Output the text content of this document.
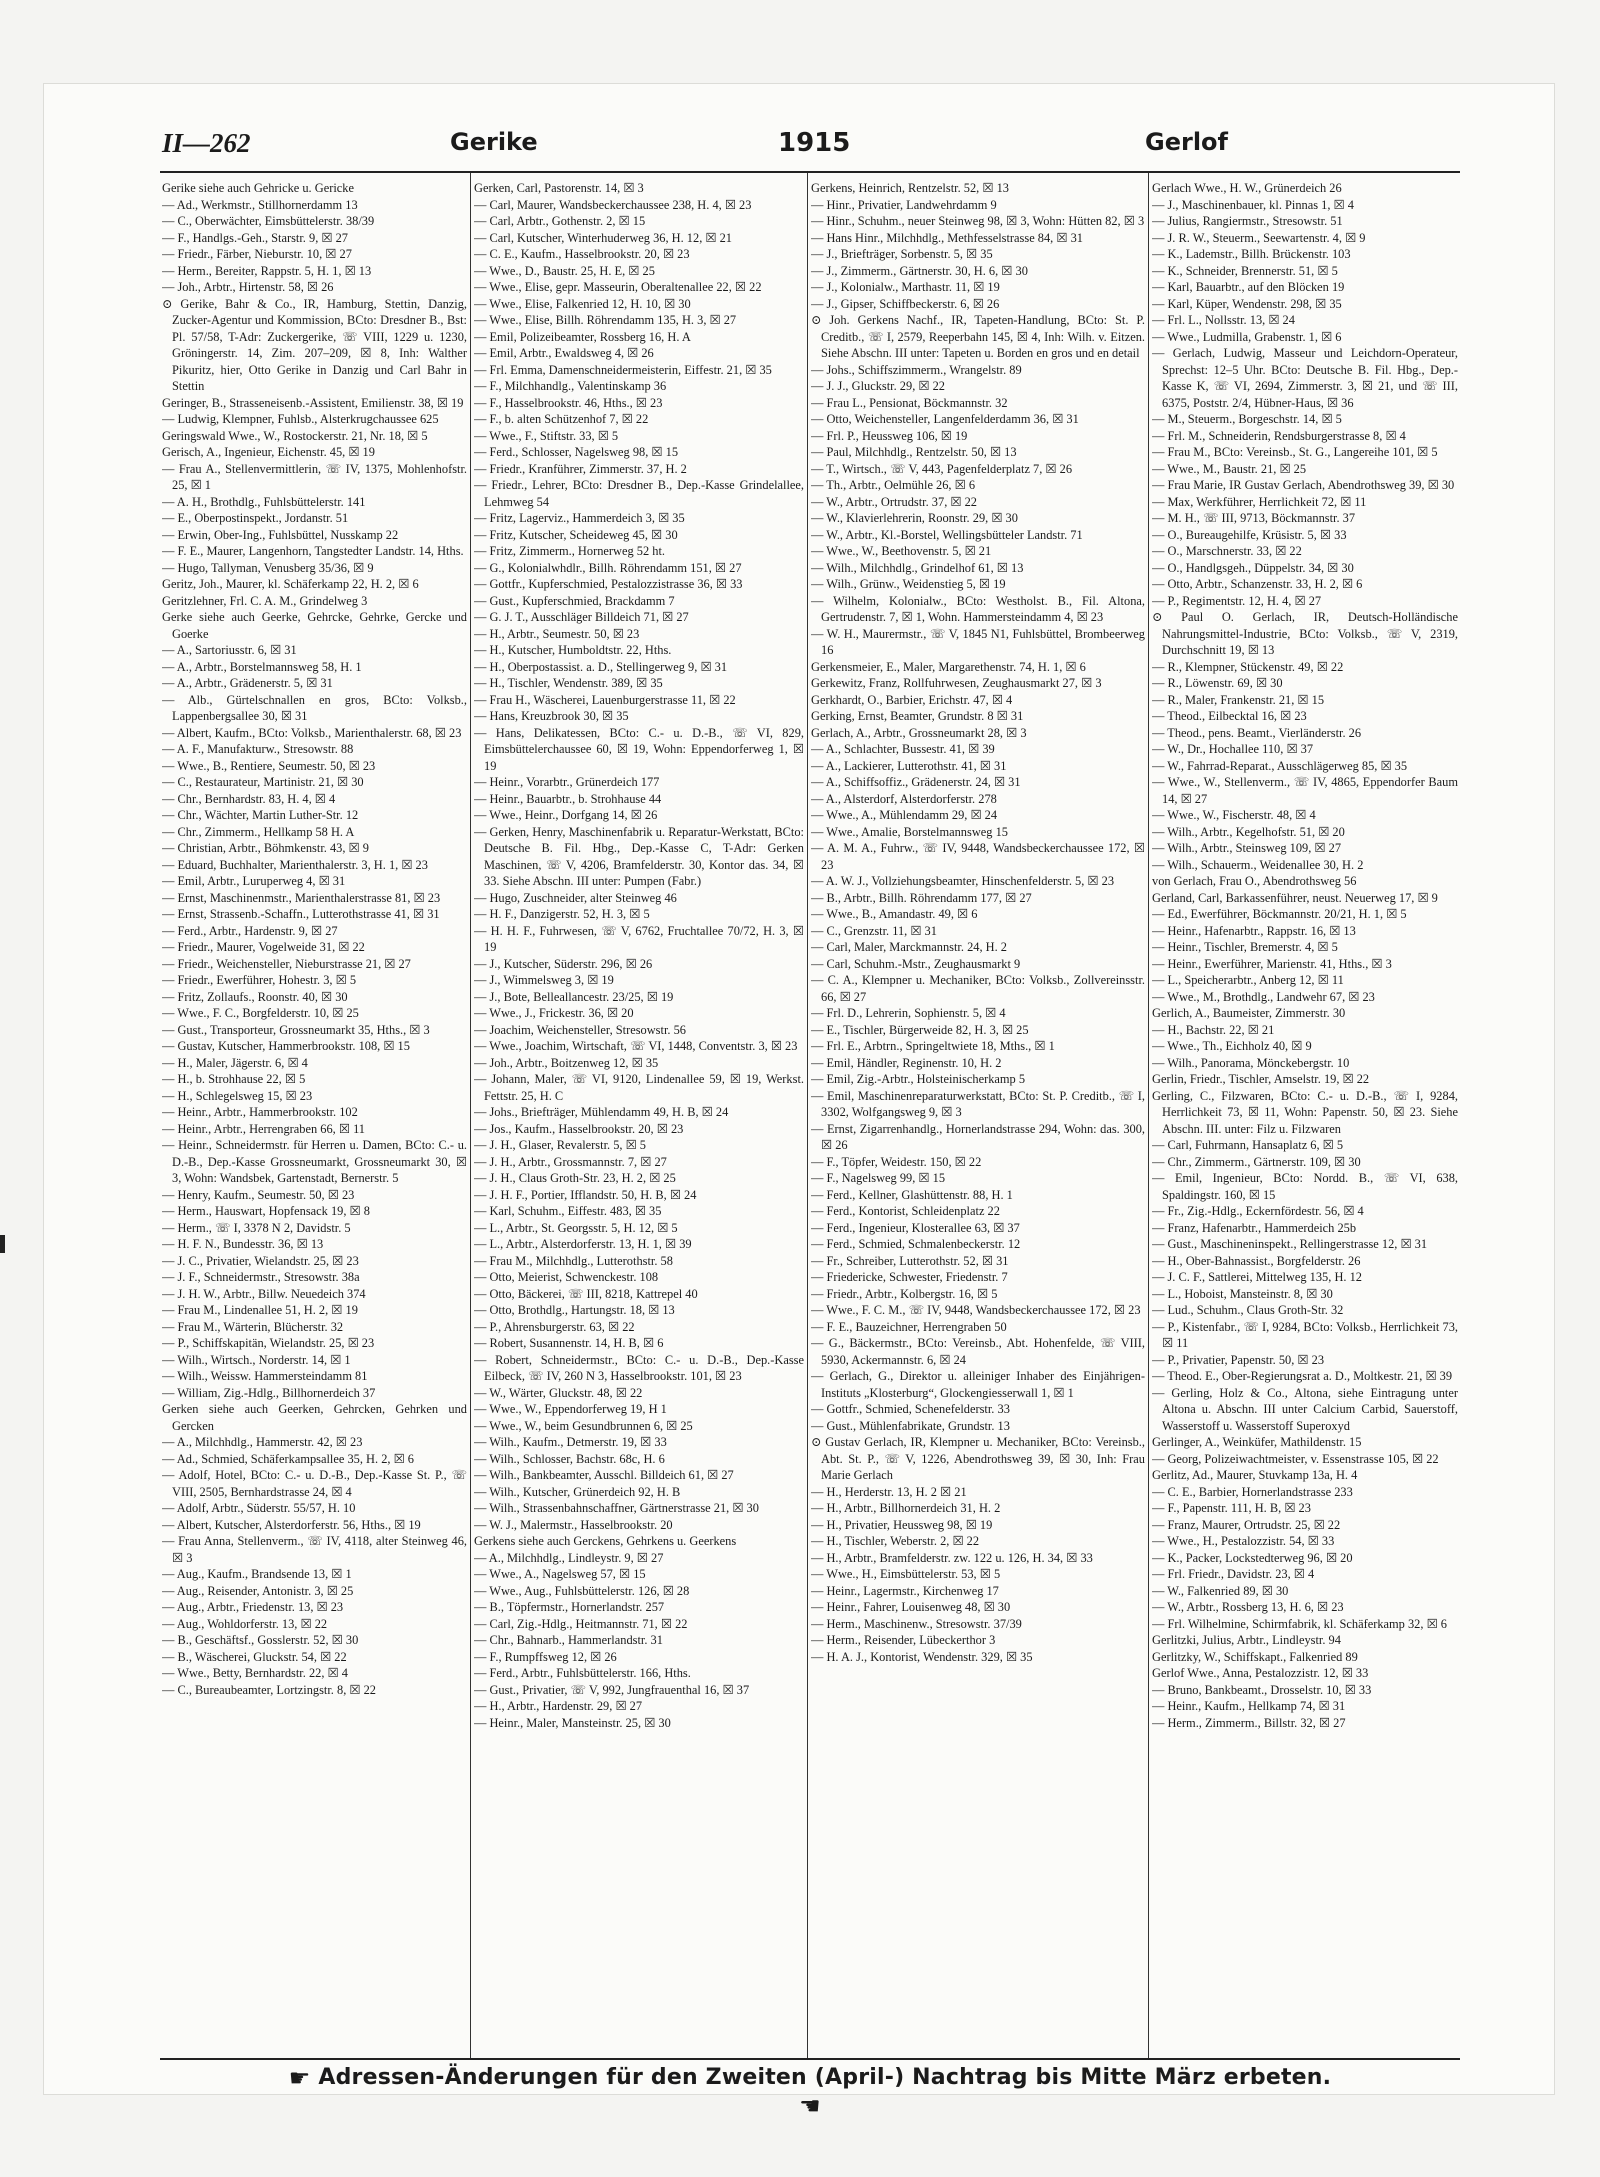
II—262	Gerike	1915	Gerlof

Gerike siehe auch Gehricke u. Gericke

— Ad., Werkmstr., Stillhornerdamm 13

— C., Oberwächter, Eimsbüttelerstr. 38/39

— F., Handlgs.-Geh., Starstr. 9, ☒ 27

— Friedr., Färber, Nieburstr. 10, ☒ 27

— Herm., Bereiter, Rappstr. 5, H. 1, ☒ 13

— Joh., Arbtr., Hirtenstr. 58, ☒ 26

⊙ Gerike, Bahr & Co., IR, Hamburg, Stettin, Danzig, Zucker-Agentur und Kommission, BCto: Dresdner B., Bst: Pl. 57/58, T-Adr: Zuckergerike, ☏ VIII, 1229 u. 1230, Gröningerstr. 14, Zim. 207–209, ☒ 8, Inh: Walther Pikuritz, hier, Otto Gerike in Danzig und Carl Bahr in Stettin

Geringer, B., Strasseneisenb.-Assistent, Emilienstr. 38, ☒ 19

— Ludwig, Klempner, Fuhlsb., Alsterkrugchaussee 625

Geringswald Wwe., W., Rostockerstr. 21, Nr. 18, ☒ 5

Gerisch, A., Ingenieur, Eichenstr. 45, ☒ 19

— Frau A., Stellenvermittlerin, ☏ IV, 1375, Mohlenhofstr. 25, ☒ 1

— A. H., Brothdlg., Fuhlsbüttelerstr. 141

— E., Oberpostinspekt., Jordanstr. 51

— Erwin, Ober-Ing., Fuhlsbüttel, Nusskamp 22

— F. E., Maurer, Langenhorn, Tangstedter Landstr. 14, Hths.

— Hugo, Tallyman, Venusberg 35/36, ☒ 9

Geritz, Joh., Maurer, kl. Schäferkamp 22, H. 2, ☒ 6

Geritzlehner, Frl. C. A. M., Grindelweg 3

Gerke siehe auch Geerke, Gehrcke, Gehrke, Gercke und Goerke

— A., Sartoriusstr. 6, ☒ 31

— A., Arbtr., Borstelmannsweg 58, H. 1

— A., Arbtr., Grädenerstr. 5, ☒ 31

— Alb., Gürtelschnallen en gros, BCto: Volksb., Lappenbergsallee 30, ☒ 31

— Albert, Kaufm., BCto: Volksb., Marienthalerstr. 68, ☒ 23

— A. F., Manufakturw., Stresowstr. 88

— Wwe., B., Rentiere, Seumestr. 50, ☒ 23

— C., Restaurateur, Martinistr. 21, ☒ 30

— Chr., Bernhardstr. 83, H. 4, ☒ 4

— Chr., Wächter, Martin Luther-Str. 12

— Chr., Zimmerm., Hellkamp 58 H. A

— Christian, Arbtr., Böhmkenstr. 43, ☒ 9

— Eduard, Buchhalter, Marienthalerstr. 3, H. 1, ☒ 23

— Emil, Arbtr., Luruperweg 4, ☒ 31

— Ernst, Maschinenmstr., Marienthalerstrasse 81, ☒ 23

— Ernst, Strassenb.-Schaffn., Lutterothstrasse 41, ☒ 31

— Ferd., Arbtr., Hardenstr. 9, ☒ 27

— Friedr., Maurer, Vogelweide 31, ☒ 22

— Friedr., Weichensteller, Nieburstrasse 21, ☒ 27

— Friedr., Ewerführer, Hohestr. 3, ☒ 5

— Fritz, Zollaufs., Roonstr. 40, ☒ 30

— Wwe., F. C., Borgfelderstr. 10, ☒ 25

— Gust., Transporteur, Grossneumarkt 35, Hths., ☒ 3

— Gustav, Kutscher, Hammerbrookstr. 108, ☒ 15

— H., Maler, Jägerstr. 6, ☒ 4

— H., b. Strohhause 22, ☒ 5

— H., Schlegelsweg 15, ☒ 23

— Heinr., Arbtr., Hammerbrookstr. 102

— Heinr., Arbtr., Herrengraben 66, ☒ 11

— Heinr., Schneidermstr. für Herren u. Damen, BCto: C.- u. D.-B., Dep.-Kasse Grossneumarkt, Grossneumarkt 30, ☒ 3, Wohn: Wandsbek, Gartenstadt, Bernerstr. 5

— Henry, Kaufm., Seumestr. 50, ☒ 23

— Herm., Hauswart, Hopfensack 19, ☒ 8

— Herm., ☏ I, 3378 N 2, Davidstr. 5

— H. F. N., Bundesstr. 36, ☒ 13

— J. C., Privatier, Wielandstr. 25, ☒ 23

— J. F., Schneidermstr., Stresowstr. 38a

— J. H. W., Arbtr., Billw. Neuedeich 374

— Frau M., Lindenallee 51, H. 2, ☒ 19

— Frau M., Wärterin, Blücherstr. 32

— P., Schiffskapitän, Wielandstr. 25, ☒ 23

— Wilh., Wirtsch., Norderstr. 14, ☒ 1

— Wilh., Weissw. Hammersteindamm 81

— William, Zig.-Hdlg., Billhornerdeich 37

Gerken siehe auch Geerken, Gehrcken, Gehrken und Gercken

— A., Milchhdlg., Hammerstr. 42, ☒ 23

— Ad., Schmied, Schäferkampsallee 35, H. 2, ☒ 6

— Adolf, Hotel, BCto: C.- u. D.-B., Dep.-Kasse St. P., ☏ VIII, 2505, Bernhardstrasse 24, ☒ 4

— Adolf, Arbtr., Süderstr. 55/57, H. 10

— Albert, Kutscher, Alsterdorferstr. 56, Hths., ☒ 19

— Frau Anna, Stellenverm., ☏ IV, 4118, alter Steinweg 46, ☒ 3

— Aug., Kaufm., Brandsende 13, ☒ 1

— Aug., Reisender, Antonistr. 3, ☒ 25

— Aug., Arbtr., Friedenstr. 13, ☒ 23

— Aug., Wohldorferstr. 13, ☒ 22

— B., Geschäftsf., Gosslerstr. 52, ☒ 30

— B., Wäscherei, Gluckstr. 54, ☒ 22

— Wwe., Betty, Bernhardstr. 22, ☒ 4

— C., Bureaubeamter, Lortzingstr. 8, ☒ 22

Gerken, Carl, Pastorenstr. 14, ☒ 3

— Carl, Maurer, Wandsbeckerchaussee 238, H. 4, ☒ 23

— Carl, Arbtr., Gothenstr. 2, ☒ 15

— Carl, Kutscher, Winterhuderweg 36, H. 12, ☒ 21

— C. E., Kaufm., Hasselbrookstr. 20, ☒ 23

— Wwe., D., Baustr. 25, H. E, ☒ 25

— Wwe., Elise, gepr. Masseurin, Oberaltenallee 22, ☒ 22

— Wwe., Elise, Falkenried 12, H. 10, ☒ 30

— Wwe., Elise, Billh. Röhrendamm 135, H. 3, ☒ 27

— Emil, Polizeibeamter, Rossberg 16, H. A

— Emil, Arbtr., Ewaldsweg 4, ☒ 26

— Frl. Emma, Damenschneidermeisterin, Eiffestr. 21, ☒ 35

— F., Milchhandlg., Valentinskamp 36

— F., Hasselbrookstr. 46, Hths., ☒ 23

— F., b. alten Schützenhof 7, ☒ 22

— Wwe., F., Stiftstr. 33, ☒ 5

— Ferd., Schlosser, Nagelsweg 98, ☒ 15

— Friedr., Kranführer, Zimmerstr. 37, H. 2

— Friedr., Lehrer, BCto: Dresdner B., Dep.-Kasse Grindelallee, Lehmweg 54

— Fritz, Lagerviz., Hammerdeich 3, ☒ 35

— Fritz, Kutscher, Scheideweg 45, ☒ 30

— Fritz, Zimmerm., Hornerweg 52 ht.

— G., Kolonialwhdlr., Billh. Röhrendamm 151, ☒ 27

— Gottfr., Kupferschmied, Pestalozzistrasse 36, ☒ 33

— Gust., Kupferschmied, Brackdamm 7

— G. J. T., Ausschläger Billdeich 71, ☒ 27

— H., Arbtr., Seumestr. 50, ☒ 23

— H., Kutscher, Humboldtstr. 22, Hths.

— H., Oberpostassist. a. D., Stellingerweg 9, ☒ 31

— H., Tischler, Wendenstr. 389, ☒ 35

— Frau H., Wäscherei, Lauenburgerstrasse 11, ☒ 22

— Hans, Kreuzbrook 30, ☒ 35

— Hans, Delikatessen, BCto: C.- u. D.-B., ☏ VI, 829, Eimsbüttelerchaussee 60, ☒ 19, Wohn: Eppendorferweg 1, ☒ 19

— Heinr., Vorarbtr., Grünerdeich 177

— Heinr., Bauarbtr., b. Strohhause 44

— Wwe., Heinr., Dorfgang 14, ☒ 26

— Gerken, Henry, Maschinenfabrik u. Reparatur-Werkstatt, BCto: Deutsche B. Fil. Hbg., Dep.-Kasse C, T-Adr: Gerken Maschinen, ☏ V, 4206, Bramfelderstr. 30, Kontor das. 34, ☒ 33. Siehe Abschn. III unter: Pumpen (Fabr.)

— Hugo, Zuschneider, alter Steinweg 46

— H. F., Danzigerstr. 52, H. 3, ☒ 5

— H. H. F., Fuhrwesen, ☏ V, 6762, Fruchtallee 70/72, H. 3, ☒ 19

— J., Kutscher, Süderstr. 296, ☒ 26

— J., Wimmelsweg 3, ☒ 19

— J., Bote, Belleallancestr. 23/25, ☒ 19

— Wwe., J., Frickestr. 36, ☒ 20

— Joachim, Weichensteller, Stresowstr. 56

— Wwe., Joachim, Wirtschaft, ☏ VI, 1448, Conventstr. 3, ☒ 23

— Joh., Arbtr., Boitzenweg 12, ☒ 35

— Johann, Maler, ☏ VI, 9120, Lindenallee 59, ☒ 19, Werkst. Fettstr. 25, H. C

— Johs., Briefträger, Mühlendamm 49, H. B, ☒ 24

— Jos., Kaufm., Hasselbrookstr. 20, ☒ 23

— J. H., Glaser, Revalerstr. 5, ☒ 5

— J. H., Arbtr., Grossmannstr. 7, ☒ 27

— J. H., Claus Groth-Str. 23, H. 2, ☒ 25

— J. H. F., Portier, Ifflandstr. 50, H. B, ☒ 24

— Karl, Schuhm., Eiffestr. 483, ☒ 35

— L., Arbtr., St. Georgsstr. 5, H. 12, ☒ 5

— L., Arbtr., Alsterdorferstr. 13, H. 1, ☒ 39

— Frau M., Milchhdlg., Lutterothstr. 58

— Otto, Meierist, Schwenckestr. 108

— Otto, Bäckerei, ☏ III, 8218, Kattrepel 40

— Otto, Brothdlg., Hartungstr. 18, ☒ 13

— P., Ahrensburgerstr. 63, ☒ 22

— Robert, Susannenstr. 14, H. B, ☒ 6

— Robert, Schneidermstr., BCto: C.- u. D.-B., Dep.-Kasse Eilbeck, ☏ IV, 260 N 3, Hasselbrookstr. 101, ☒ 23

— W., Wärter, Gluckstr. 48, ☒ 22

— Wwe., W., Eppendorferweg 19, H 1

— Wwe., W., beim Gesundbrunnen 6, ☒ 25

— Wilh., Kaufm., Detmerstr. 19, ☒ 33

— Wilh., Schlosser, Bachstr. 68c, H. 6

— Wilh., Bankbeamter, Ausschl. Billdeich 61, ☒ 27

— Wilh., Kutscher, Grünerdeich 92, H. B

— Wilh., Strassenbahnschaffner, Gärtnerstrasse 21, ☒ 30

— W. J., Malermstr., Hasselbrookstr. 20

Gerkens siehe auch Gerckens, Gehrkens u. Geerkens

— A., Milchhdlg., Lindleystr. 9, ☒ 27

— Wwe., A., Nagelsweg 57, ☒ 15

— Wwe., Aug., Fuhlsbüttelerstr. 126, ☒ 28

— B., Töpfermstr., Hornerlandstr. 257

— Carl, Zig.-Hdlg., Heitmannstr. 71, ☒ 22

— Chr., Bahnarb., Hammerlandstr. 31

— F., Rumpffsweg 12, ☒ 26

— Ferd., Arbtr., Fuhlsbüttelerstr. 166, Hths.

— Gust., Privatier, ☏ V, 992, Jungfrauenthal 16, ☒ 37

— H., Arbtr., Hardenstr. 29, ☒ 27

— Heinr., Maler, Mansteinstr. 25, ☒ 30

Gerkens, Heinrich, Rentzelstr. 52, ☒ 13

— Hinr., Privatier, Landwehrdamm 9

— Hinr., Schuhm., neuer Steinweg 98, ☒ 3, Wohn: Hütten 82, ☒ 3

— Hans Hinr., Milchhdlg., Methfesselstrasse 84, ☒ 31

— J., Briefträger, Sorbenstr. 5, ☒ 35

— J., Zimmerm., Gärtnerstr. 30, H. 6, ☒ 30

— J., Kolonialw., Marthastr. 11, ☒ 19

— J., Gipser, Schiffbeckerstr. 6, ☒ 26

⊙ Joh. Gerkens Nachf., IR, Tapeten-Handlung, BCto: St. P. Creditb., ☏ I, 2579, Reeperbahn 145, ☒ 4, Inh: Wilh. v. Eitzen. Siehe Abschn. III unter: Tapeten u. Borden en gros und en detail

— Johs., Schiffszimmerm., Wrangelstr. 89

— J. J., Gluckstr. 29, ☒ 22

— Frau L., Pensionat, Böckmannstr. 32

— Otto, Weichensteller, Langenfelderdamm 36, ☒ 31

— Frl. P., Heussweg 106, ☒ 19

— Paul, Milchhdlg., Rentzelstr. 50, ☒ 13

— T., Wirtsch., ☏ V, 443, Pagenfelderplatz 7, ☒ 26

— Th., Arbtr., Oelmühle 26, ☒ 6

— W., Arbtr., Ortrudstr. 37, ☒ 22

— W., Klavierlehrerin, Roonstr. 29, ☒ 30

— W., Arbtr., Kl.-Borstel, Wellingsbütteler Landstr. 71

— Wwe., W., Beethovenstr. 5, ☒ 21

— Wilh., Milchhdlg., Grindelhof 61, ☒ 13

— Wilh., Grünw., Weidenstieg 5, ☒ 19

— Wilhelm, Kolonialw., BCto: Westholst. B., Fil. Altona, Gertrudenstr. 7, ☒ 1, Wohn. Hammersteindamm 4, ☒ 23

— W. H., Maurermstr., ☏ V, 1845 N1, Fuhlsbüttel, Brombeerweg 16

Gerkensmeier, E., Maler, Margarethenstr. 74, H. 1, ☒ 6

Gerkewitz, Franz, Rollfuhrwesen, Zeughausmarkt 27, ☒ 3

Gerkhardt, O., Barbier, Erichstr. 47, ☒ 4

Gerking, Ernst, Beamter, Grundstr. 8 ☒ 31

Gerlach, A., Arbtr., Grossneumarkt 28, ☒ 3

— A., Schlachter, Bussestr. 41, ☒ 39

— A., Lackierer, Lutterothstr. 41, ☒ 31

— A., Schiffsoffiz., Grädenerstr. 24, ☒ 31

— A., Alsterdorf, Alsterdorferstr. 278

— Wwe., A., Mühlendamm 29, ☒ 24

— Wwe., Amalie, Borstelmannsweg 15

— A. M. A., Fuhrw., ☏ IV, 9448, Wandsbeckerchaussee 172, ☒ 23

— A. W. J., Vollziehungsbeamter, Hinschenfelderstr. 5, ☒ 23

— B., Arbtr., Billh. Röhrendamm 177, ☒ 27

— Wwe., B., Amandastr. 49, ☒ 6

— C., Grenzstr. 11, ☒ 31

— Carl, Maler, Marckmannstr. 24, H. 2

— Carl, Schuhm.-Mstr., Zeughausmarkt 9

— C. A., Klempner u. Mechaniker, BCto: Volksb., Zollvereinsstr. 66, ☒ 27

— Frl. D., Lehrerin, Sophienstr. 5, ☒ 4

— E., Tischler, Bürgerweide 82, H. 3, ☒ 25

— Frl. E., Arbtrn., Springeltwiete 18, Mths., ☒ 1

— Emil, Händler, Reginenstr. 10, H. 2

— Emil, Zig.-Arbtr., Holsteinischerkamp 5

— Emil, Maschinenreparaturwerkstatt, BCto: St. P. Creditb., ☏ I, 3302, Wolfgangsweg 9, ☒ 3

— Ernst, Zigarrenhandlg., Hornerlandstrasse 294, Wohn: das. 300, ☒ 26

— F., Töpfer, Weidestr. 150, ☒ 22

— F., Nagelsweg 99, ☒ 15

— Ferd., Kellner, Glashüttenstr. 88, H. 1

— Ferd., Kontorist, Schleidenplatz 22

— Ferd., Ingenieur, Klosterallee 63, ☒ 37

— Ferd., Schmied, Schmalenbeckerstr. 12

— Fr., Schreiber, Lutterothstr. 52, ☒ 31

— Friedericke, Schwester, Friedenstr. 7

— Friedr., Arbtr., Kolbergstr. 16, ☒ 5

— Wwe., F. C. M., ☏ IV, 9448, Wandsbeckerchaussee 172, ☒ 23

— F. E., Bauzeichner, Herrengraben 50

— G., Bäckermstr., BCto: Vereinsb., Abt. Hohenfelde, ☏ VIII, 5930, Ackermannstr. 6, ☒ 24

— Gerlach, G., Direktor u. alleiniger Inhaber des Einjährigen-Instituts „Klosterburg“, Glockengiesserwall 1, ☒ 1

— Gottfr., Schmied, Schenefelderstr. 33

— Gust., Mühlenfabrikate, Grundstr. 13

⊙ Gustav Gerlach, IR, Klempner u. Mechaniker, BCto: Vereinsb., Abt. St. P., ☏ V, 1226, Abendrothsweg 39, ☒ 30, Inh: Frau Marie Gerlach

— H., Herderstr. 13, H. 2 ☒ 21

— H., Arbtr., Billhornerdeich 31, H. 2

— H., Privatier, Heussweg 98, ☒ 19

— H., Tischler, Weberstr. 2, ☒ 22

— H., Arbtr., Bramfelderstr. zw. 122 u. 126, H. 34, ☒ 33

— Wwe., H., Eimsbüttelerstr. 53, ☒ 5

— Heinr., Lagermstr., Kirchenweg 17

— Heinr., Fahrer, Louisenweg 48, ☒ 30

— Herm., Maschinenw., Stresowstr. 37/39

— Herm., Reisender, Lübeckerthor 3

— H. A. J., Kontorist, Wendenstr. 329, ☒ 35

Gerlach Wwe., H. W., Grünerdeich 26

— J., Maschinenbauer, kl. Pinnas 1, ☒ 4

— Julius, Rangiermstr., Stresowstr. 51

— J. R. W., Steuerm., Seewartenstr. 4, ☒ 9

— K., Lademstr., Billh. Brückenstr. 103

— K., Schneider, Brennerstr. 51, ☒ 5

— Karl, Bauarbtr., auf den Blöcken 19

— Karl, Küper, Wendenstr. 298, ☒ 35

— Frl. L., Nollsstr. 13, ☒ 24

— Wwe., Ludmilla, Grabenstr. 1, ☒ 6

— Gerlach, Ludwig, Masseur und Leichdorn-Operateur, Sprechst: 12–5 Uhr. BCto: Deutsche B. Fil. Hbg., Dep.-Kasse K, ☏ VI, 2694, Zimmerstr. 3, ☒ 21, und ☏ III, 6375, Poststr. 2/4, Hübner-Haus, ☒ 36

— M., Steuerm., Borgeschstr. 14, ☒ 5

— Frl. M., Schneiderin, Rendsburgerstrasse 8, ☒ 4

— Frau M., BCto: Vereinsb., St. G., Langereihe 101, ☒ 5

— Wwe., M., Baustr. 21, ☒ 25

— Frau Marie, IR Gustav Gerlach, Abendrothsweg 39, ☒ 30

— Max, Werkführer, Herrlichkeit 72, ☒ 11

— M. H., ☏ III, 9713, Böckmannstr. 37

— O., Bureaugehilfe, Krüsistr. 5, ☒ 33

— O., Marschnerstr. 33, ☒ 22

— O., Handlgsgeh., Düppelstr. 34, ☒ 30

— Otto, Arbtr., Schanzenstr. 33, H. 2, ☒ 6

— P., Regimentstr. 12, H. 4, ☒ 27

⊙ Paul O. Gerlach, IR, Deutsch-Holländische Nahrungsmittel-Industrie, BCto: Volksb., ☏ V, 2319, Durchschnitt 19, ☒ 13

— R., Klempner, Stückenstr. 49, ☒ 22

— R., Löwenstr. 69, ☒ 30

— R., Maler, Frankenstr. 21, ☒ 15

— Theod., Eilbecktal 16, ☒ 23

— Theod., pens. Beamt., Vierländerstr. 26

— W., Dr., Hochallee 110, ☒ 37

— W., Fahrrad-Reparat., Ausschlägerweg 85, ☒ 35

— Wwe., W., Stellenverm., ☏ IV, 4865, Eppendorfer Baum 14, ☒ 27

— Wwe., W., Fischerstr. 48, ☒ 4

— Wilh., Arbtr., Kegelhofstr. 51, ☒ 20

— Wilh., Arbtr., Steinsweg 109, ☒ 27

— Wilh., Schauerm., Weidenallee 30, H. 2

von Gerlach, Frau O., Abendrothsweg 56

Gerland, Carl, Barkassenführer, neust. Neuerweg 17, ☒ 9

— Ed., Ewerführer, Böckmannstr. 20/21, H. 1, ☒ 5

— Heinr., Hafenarbtr., Rappstr. 16, ☒ 13

— Heinr., Tischler, Bremerstr. 4, ☒ 5

— Heinr., Ewerführer, Marienstr. 41, Hths., ☒ 3

— L., Speicherarbtr., Anberg 12, ☒ 11

— Wwe., M., Brothdlg., Landwehr 67, ☒ 23

Gerlich, A., Baumeister, Zimmerstr. 30

— H., Bachstr. 22, ☒ 21

— Wwe., Th., Eichholz 40, ☒ 9

— Wilh., Panorama, Mönckebergstr. 10

Gerlin, Friedr., Tischler, Amselstr. 19, ☒ 22

Gerling, C., Filzwaren, BCto: C.- u. D.-B., ☏ I, 9284, Herrlichkeit 73, ☒ 11, Wohn: Papenstr. 50, ☒ 23. Siehe Abschn. III. unter: Filz u. Filzwaren

— Carl, Fuhrmann, Hansaplatz 6, ☒ 5

— Chr., Zimmerm., Gärtnerstr. 109, ☒ 30

— Emil, Ingenieur, BCto: Nordd. B., ☏ VI, 638, Spaldingstr. 160, ☒ 15

— Fr., Zig.-Hdlg., Eckernfördestr. 56, ☒ 4

— Franz, Hafenarbtr., Hammerdeich 25b

— Gust., Maschineninspekt., Rellingerstrasse 12, ☒ 31

— H., Ober-Bahnassist., Borgfelderstr. 26

— J. C. F., Sattlerei, Mittelweg 135, H. 12

— L., Hoboist, Mansteinstr. 8, ☒ 30

— Lud., Schuhm., Claus Groth-Str. 32

— P., Kistenfabr., ☏ I, 9284, BCto: Volksb., Herrlichkeit 73, ☒ 11

— P., Privatier, Papenstr. 50, ☒ 23

— Theod. E., Ober-Regierungsrat a. D., Moltkestr. 21, ☒ 39

— Gerling, Holz & Co., Altona, siehe Eintragung unter Altona u. Abschn. III unter Calcium Carbid, Sauerstoff, Wasserstoff u. Wasserstoff Superoxyd

Gerlinger, A., Weinküfer, Mathildenstr. 15

— Georg, Polizeiwachtmeister, v. Essenstrasse 105, ☒ 22

Gerlitz, Ad., Maurer, Stuvkamp 13a, H. 4

— C. E., Barbier, Hornerlandstrasse 233

— F., Papenstr. 111, H. B, ☒ 23

— Franz, Maurer, Ortrudstr. 25, ☒ 22

— Wwe., H., Pestalozzistr. 54, ☒ 33

— K., Packer, Lockstedterweg 96, ☒ 20

— Frl. Friedr., Davidstr. 23, ☒ 4

— W., Falkenried 89, ☒ 30

— W., Arbtr., Rossberg 13, H. 6, ☒ 23

— Frl. Wilhelmine, Schirmfabrik, kl. Schäferkamp 32, ☒ 6

Gerlitzki, Julius, Arbtr., Lindleystr. 94

Gerlitzky, W., Schiffskapt., Falkenried 89

Gerlof Wwe., Anna, Pestalozzistr. 12, ☒ 33

— Bruno, Bankbeamt., Drosselstr. 10, ☒ 33

— Heinr., Kaufm., Hellkamp 74, ☒ 31

— Herm., Zimmerm., Billstr. 32, ☒ 27

☛ Adressen-Änderungen für den Zweiten (April-) Nachtrag bis Mitte März erbeten. ☚
